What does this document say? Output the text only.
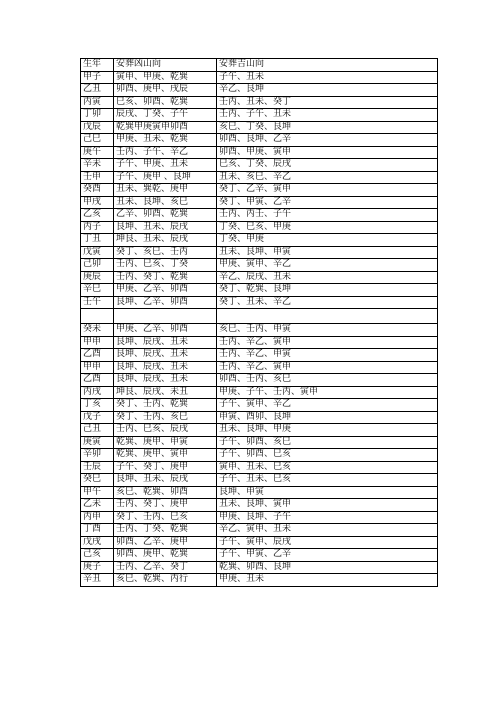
生年	安葬凶山向	安葬吉山向
甲子	寅申、甲庚、乾巽	子午、丑未
乙丑	卯酉、庚甲、戌辰	辛乙、艮坤
丙寅	巳亥、卯酉、乾巽	壬丙、丑未、癸丁
丁卯	辰戌、丁癸、子午	壬丙、子午、丑未
戊辰	乾巽甲庚寅申卯酉	亥巳、丁癸、艮坤
己巳	甲庚、丑未、乾巽	卯酉、艮坤、乙辛
庚午	壬丙、子午、辛乙	卯酉、甲庚、寅申
辛未	子午、甲庚、丑未	巳亥、丁癸、辰戌
壬申	子午、庚甲 、艮坤	丑未、亥巳、辛乙
癸酉	丑未、巽乾、庚甲	癸丁、乙辛、寅申
甲戌	丑未、艮坤、亥巳	癸丁、甲寅、乙辛
乙亥	乙辛、卯酉、乾巽	壬丙、丙壬、子午
丙子	艮坤、丑未、辰戌	丁癸、巳亥、甲庚
丁丑	坤艮、丑未、辰戌	丁癸、甲庚
戊寅	癸丁、亥巳、壬丙	丑未、艮坤、申寅
己卯	壬丙、巳亥、丁癸	甲庚、寅申、辛乙
庚辰	壬丙、癸丁、乾巽	辛乙、辰戌、丑未
辛巳	甲庚、乙辛、卯酉	癸丁、乾巽、艮坤
壬午	艮坤、乙辛、卯酉	癸丁、丑未、辛乙

癸未	甲庚、乙辛、卯酉	亥巳、壬丙、申寅
甲申	艮坤、辰戌、丑未	壬丙、辛乙、寅申
乙酉	艮坤、辰戌、丑未	壬丙、辛乙、申寅
甲申	艮坤、辰戌、丑未	壬丙、辛乙、寅申
乙酉	艮坤、辰戌、丑未	卯酉、壬丙、亥巳
丙戌	坤艮、辰戌、未丑	甲庚、子午、壬丙、寅申
丁亥	癸丁、壬丙、乾巽	子午、寅申、辛乙
戊子	癸丁、壬丙、亥巳	申寅、酉卯、艮坤
己丑	壬丙、巳亥、辰戌	丑未、艮坤、甲庚
庚寅	乾巽、庚甲、申寅	子午、卯酉、亥巳
辛卯	乾巽、庚甲、寅申	子午、卯酉、巳亥
壬辰	子午、癸丁、庚甲	寅申、丑未、巳亥
癸巳	艮坤、丑未、辰戌	子午、丑未、巳亥
甲午	亥巳、乾巽、卯酉	艮坤、申寅
乙未	壬丙、癸丁、庚甲	丑未、艮坤、寅申
丙申	癸丁、壬丙、巳亥	甲庚、艮坤、子午
丁酉	壬丙、丁癸、乾巽	辛乙、寅申、丑未
戊戌	卯酉、乙辛、庚甲	子午、寅申、辰戌
己亥	卯酉、庚甲、乾巽	子午、甲寅、乙辛
庚子	壬丙、乙辛、癸丁	乾巽、卯酉、艮坤
辛丑	亥巳、乾巽、丙行	甲庚、丑未
